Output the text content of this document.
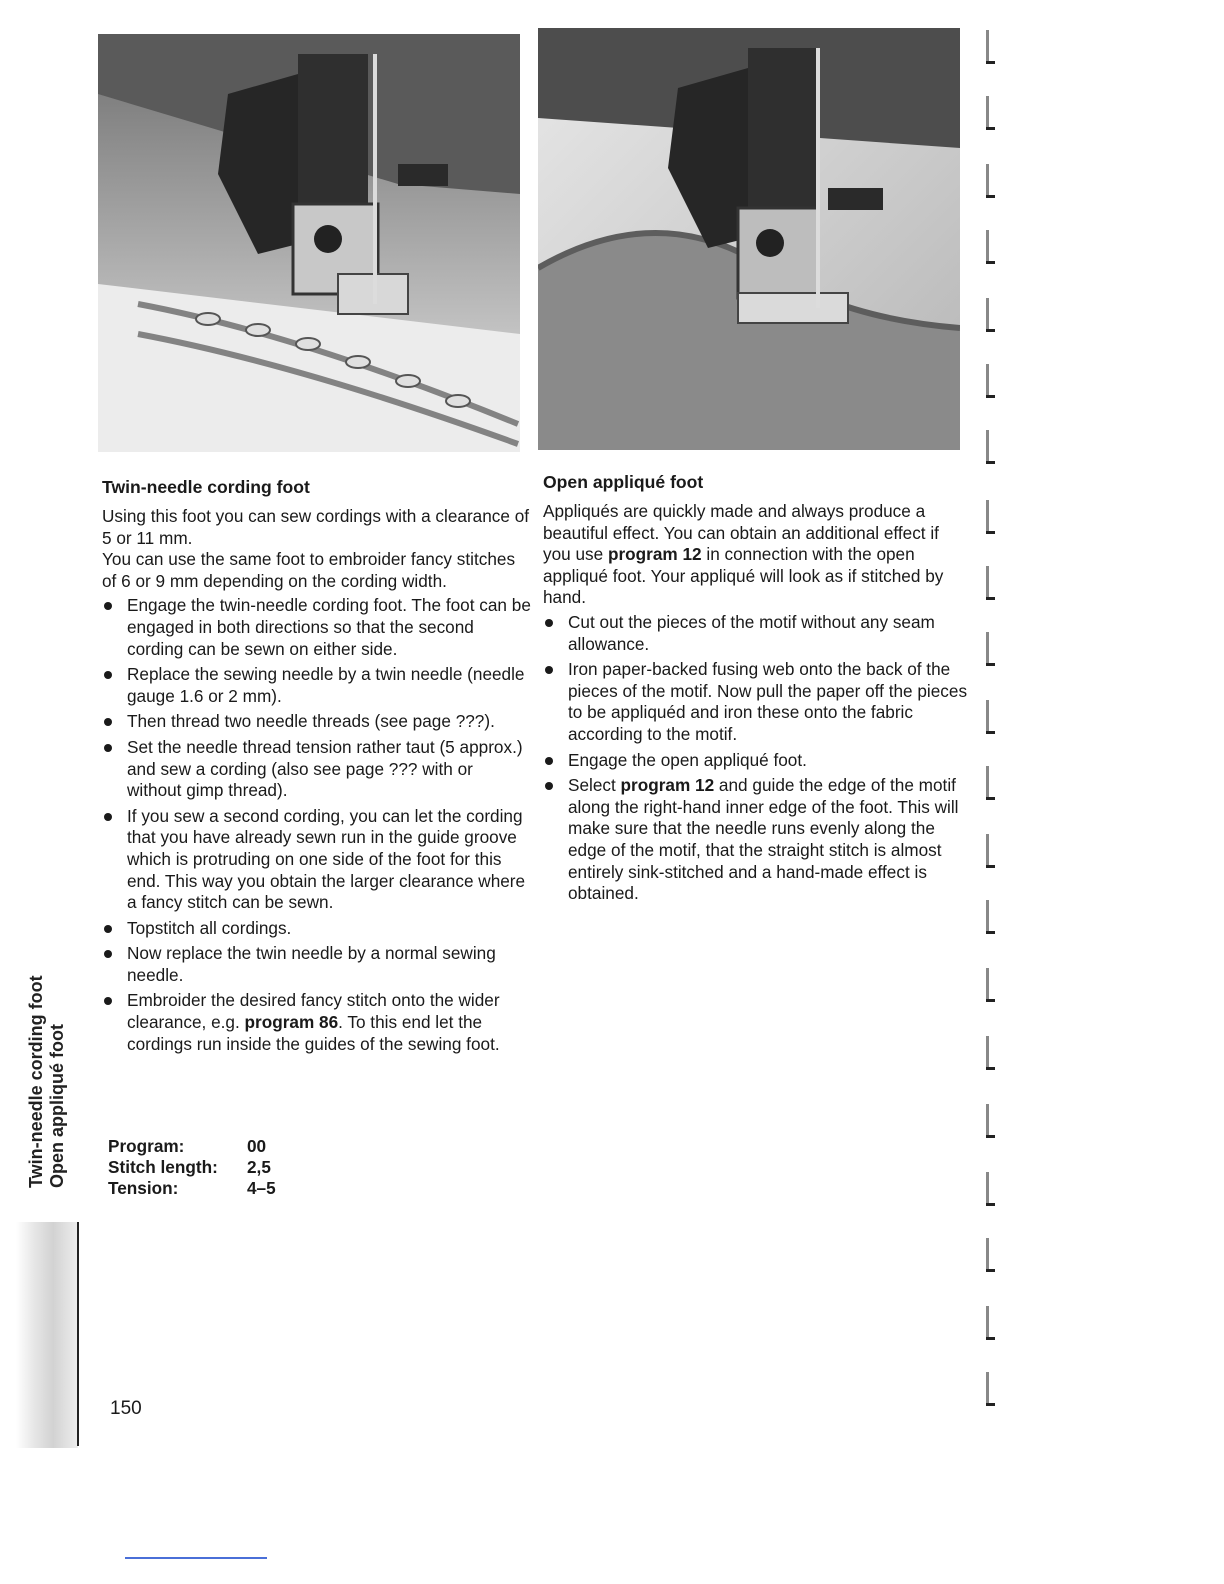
Twin-needle cording foot

Using this foot you can sew cordings with a clearance of 5 or 11 mm.

You can use the same foot to embroider fancy stitches of 6 or 9 mm depending on the cording width.

Engage the twin-needle cording foot. The foot can be engaged in both directions so that the second cording can be sewn on either side.
Replace the sewing needle by a twin needle (needle gauge 1.6 or 2 mm).
Then thread two needle threads (see page ???).
Set the needle thread tension rather taut (5 approx.) and sew a cording (also see page ??? with or without gimp thread).
If you sew a second cording, you can let the cording that you have already sewn run in the guide groove which is protruding on one side of the foot for this end. This way you obtain the larger clearance where a fancy stitch can be sewn.
Topstitch all cordings.
Now replace the twin needle by a normal sewing needle.
Embroider the desired fancy stitch onto the wider clearance, e.g. program 86. To this end let the cordings run inside the guides of the sewing foot.
Program:	00
Stitch length:	2,5
Tension:	4–5
Open appliqué foot

Appliqués are quickly made and always produce a beautiful effect. You can obtain an additional effect if you use program 12 in connection with the open appliqué foot. Your appliqué will look as if stitched by hand.

Cut out the pieces of the motif without any seam allowance.
Iron paper-backed fusing web onto the back of the pieces of the motif. Now pull the paper off the pieces to be appliquéd and iron these onto the fabric according to the motif.
Engage the open appliqué foot.
Select program 12 and guide the edge of the motif along the right-hand inner edge of the foot. This will make sure that the needle runs evenly along the edge of the motif, that the straight stitch is almost entirely sink-stitched and a hand-made effect is obtained.
Twin-needle cording foot Open appliqué foot
150
